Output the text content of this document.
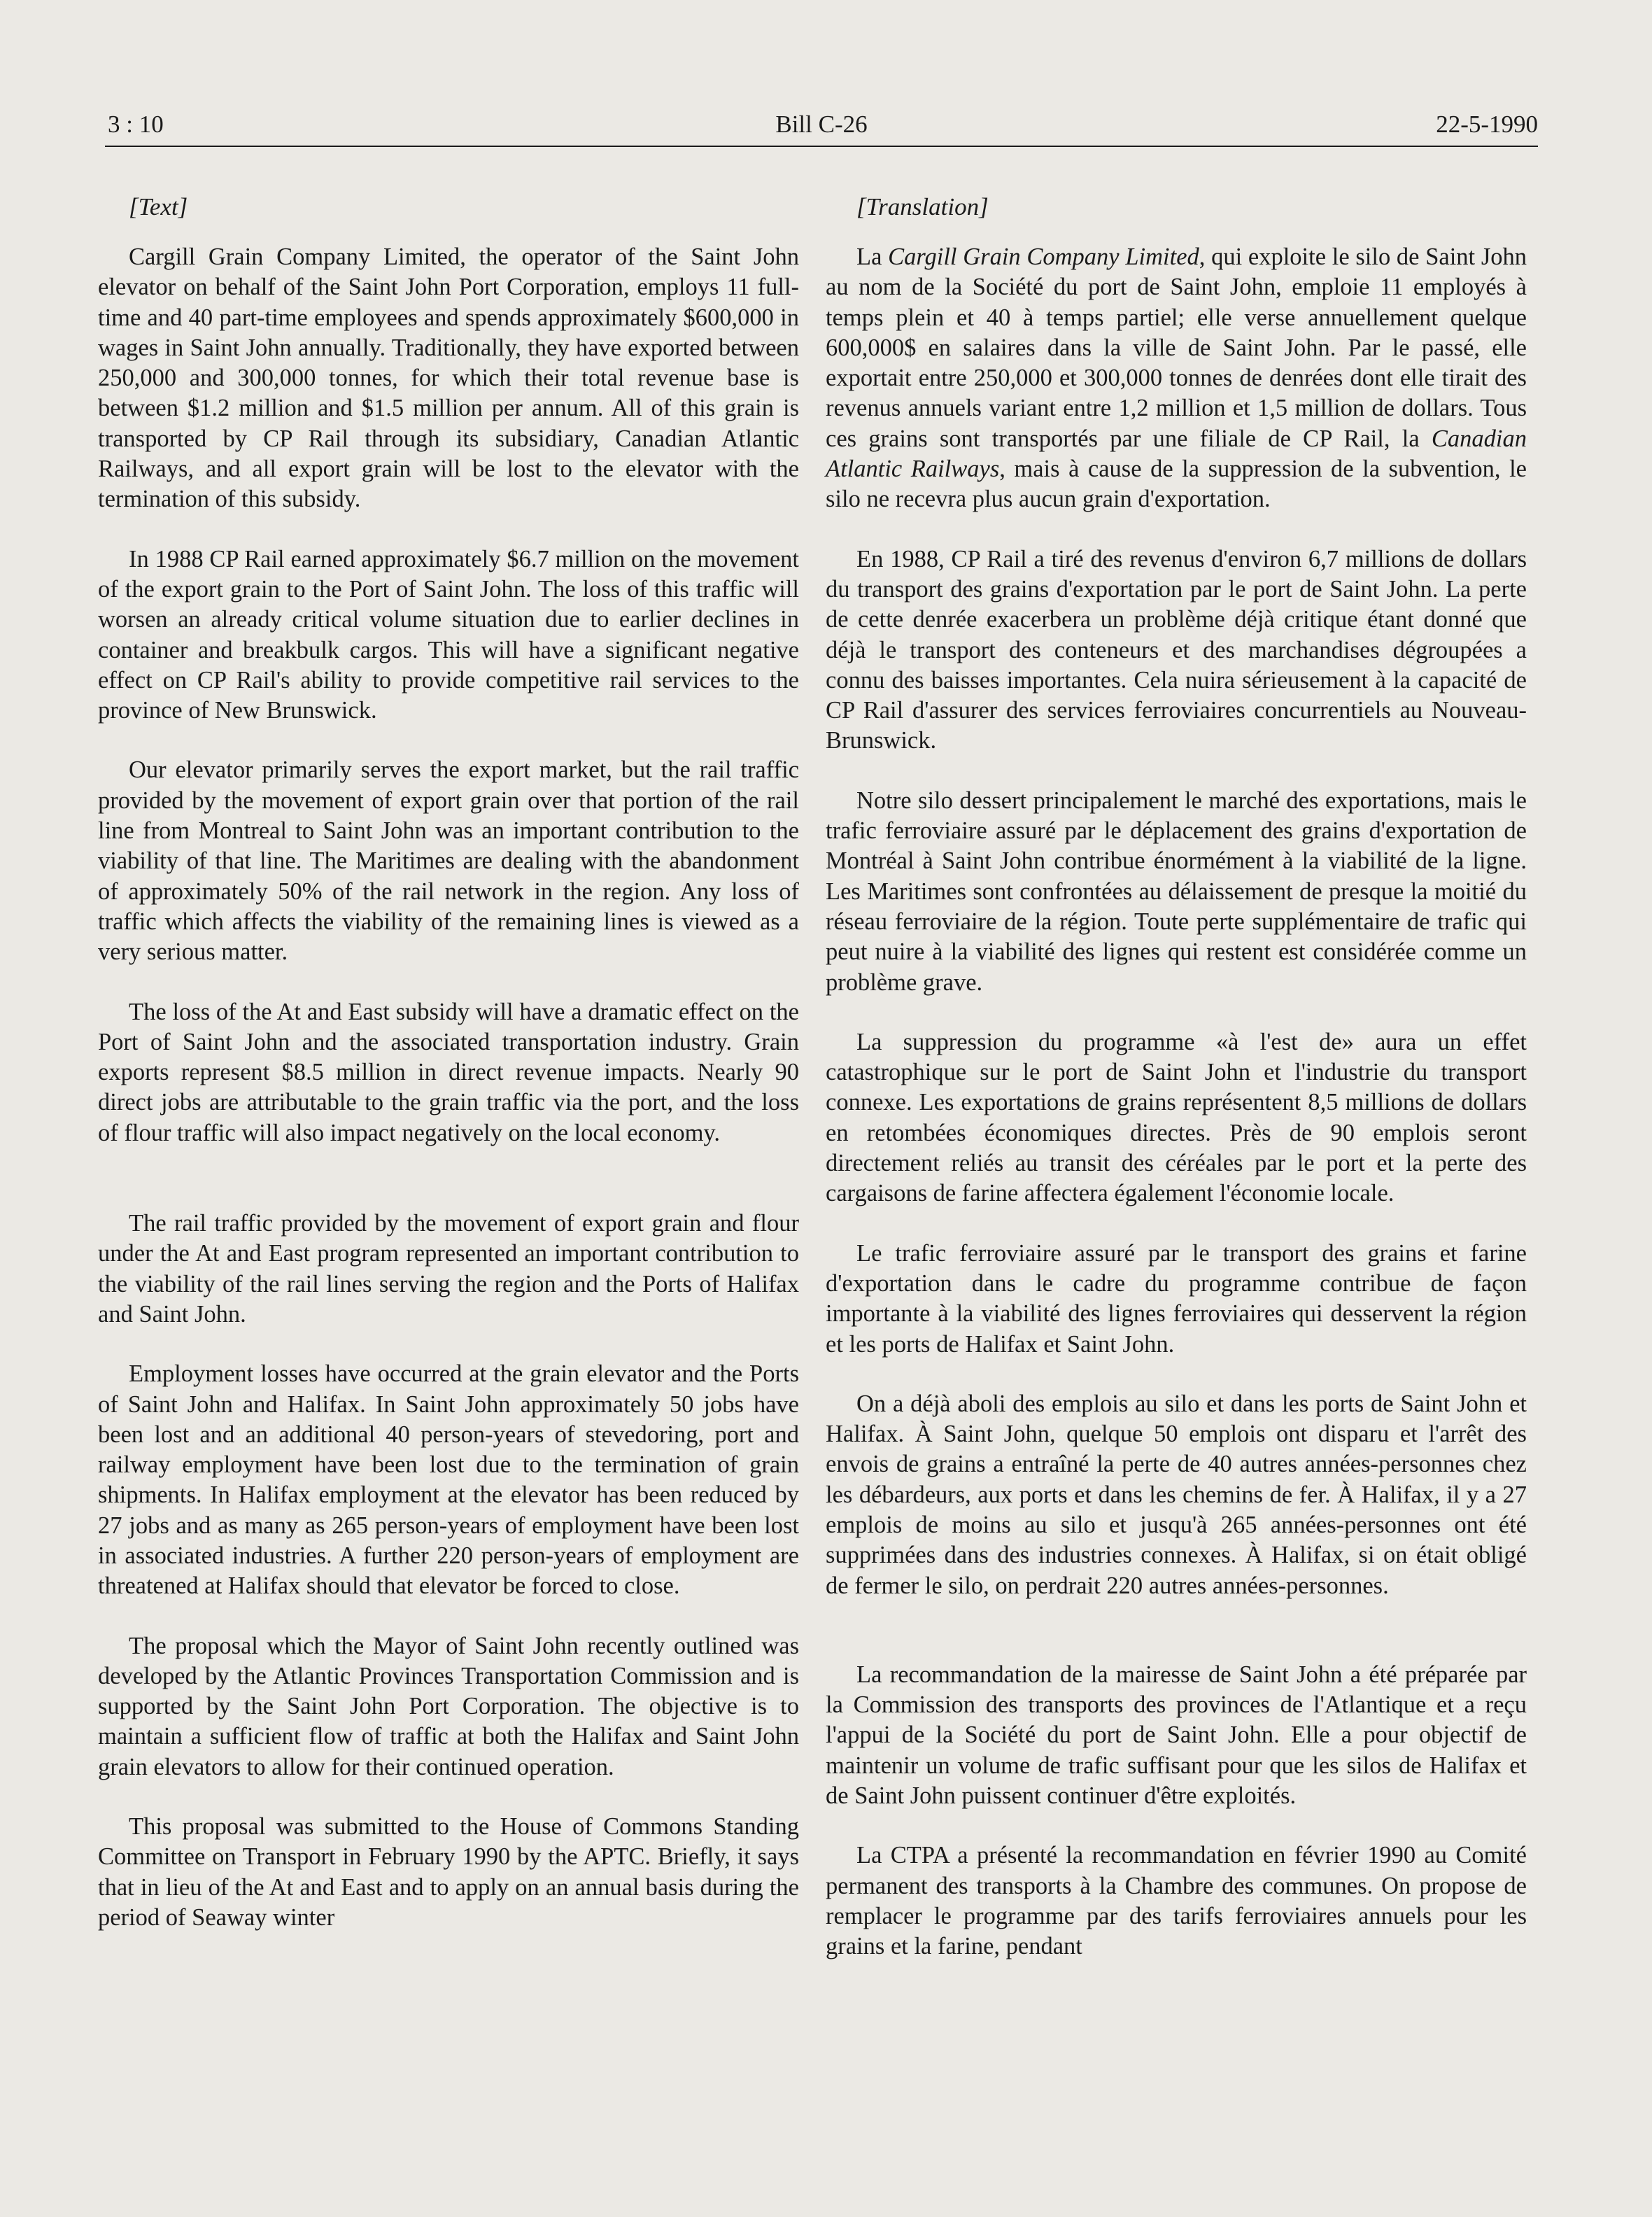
3 : 10	Bill C-26	22-5-1990
[Text]

Cargill Grain Company Limited, the operator of the Saint John elevator on behalf of the Saint John Port Corporation, employs 11 full-time and 40 part-time employees and spends approximately $600,000 in wages in Saint John annually. Traditionally, they have exported between 250,000 and 300,000 tonnes, for which their total revenue base is between $1.2 million and $1.5 million per annum. All of this grain is transported by CP Rail through its subsidiary, Canadian Atlantic Railways, and all export grain will be lost to the elevator with the termination of this subsidy.

In 1988 CP Rail earned approximately $6.7 million on the movement of the export grain to the Port of Saint John. The loss of this traffic will worsen an already critical volume situation due to earlier declines in container and breakbulk cargos. This will have a significant negative effect on CP Rail's ability to provide competitive rail services to the province of New Brunswick.

Our elevator primarily serves the export market, but the rail traffic provided by the movement of export grain over that portion of the rail line from Montreal to Saint John was an important contribution to the viability of that line. The Maritimes are dealing with the abandonment of approximately 50% of the rail network in the region. Any loss of traffic which affects the viability of the remaining lines is viewed as a very serious matter.

The loss of the At and East subsidy will have a dramatic effect on the Port of Saint John and the associated transportation industry. Grain exports represent $8.5 million in direct revenue impacts. Nearly 90 direct jobs are attributable to the grain traffic via the port, and the loss of flour traffic will also impact negatively on the local economy.

The rail traffic provided by the movement of export grain and flour under the At and East program represented an important contribution to the viability of the rail lines serving the region and the Ports of Halifax and Saint John.

Employment losses have occurred at the grain elevator and the Ports of Saint John and Halifax. In Saint John approximately 50 jobs have been lost and an additional 40 person-years of stevedoring, port and railway employment have been lost due to the termination of grain shipments. In Halifax employment at the elevator has been reduced by 27 jobs and as many as 265 person-years of employment have been lost in associated industries. A further 220 person-years of employment are threatened at Halifax should that elevator be forced to close.

The proposal which the Mayor of Saint John recently outlined was developed by the Atlantic Provinces Transportation Commission and is supported by the Saint John Port Corporation. The objective is to maintain a sufficient flow of traffic at both the Halifax and Saint John grain elevators to allow for their continued operation.

This proposal was submitted to the House of Commons Standing Committee on Transport in February 1990 by the APTC. Briefly, it says that in lieu of the At and East and to apply on an annual basis during the period of Seaway winter

[Translation]

La Cargill Grain Company Limited, qui exploite le silo de Saint John au nom de la Société du port de Saint John, emploie 11 employés à temps plein et 40 à temps partiel; elle verse annuellement quelque 600,000$ en salaires dans la ville de Saint John. Par le passé, elle exportait entre 250,000 et 300,000 tonnes de denrées dont elle tirait des revenus annuels variant entre 1,2 million et 1,5 million de dollars. Tous ces grains sont transportés par une filiale de CP Rail, la Canadian Atlantic Railways, mais à cause de la suppression de la subvention, le silo ne recevra plus aucun grain d'exportation.

En 1988, CP Rail a tiré des revenus d'environ 6,7 millions de dollars du transport des grains d'exportation par le port de Saint John. La perte de cette denrée exacerbera un problème déjà critique étant donné que déjà le transport des conteneurs et des marchandises dégroupées a connu des baisses importantes. Cela nuira sérieusement à la capacité de CP Rail d'assurer des services ferroviaires concurrentiels au Nouveau-Brunswick.

Notre silo dessert principalement le marché des exportations, mais le trafic ferroviaire assuré par le déplacement des grains d'exportation de Montréal à Saint John contribue énormément à la viabilité de la ligne. Les Maritimes sont confrontées au délaissement de presque la moitié du réseau ferroviaire de la région. Toute perte supplémentaire de trafic qui peut nuire à la viabilité des lignes qui restent est considérée comme un problème grave.

La suppression du programme «à l'est de» aura un effet catastrophique sur le port de Saint John et l'industrie du transport connexe. Les exportations de grains représentent 8,5 millions de dollars en retombées économiques directes. Près de 90 emplois seront directement reliés au transit des céréales par le port et la perte des cargaisons de farine affectera également l'économie locale.

Le trafic ferroviaire assuré par le transport des grains et farine d'exportation dans le cadre du programme contribue de façon importante à la viabilité des lignes ferroviaires qui desservent la région et les ports de Halifax et Saint John.

On a déjà aboli des emplois au silo et dans les ports de Saint John et Halifax. À Saint John, quelque 50 emplois ont disparu et l'arrêt des envois de grains a entraîné la perte de 40 autres années-personnes chez les débardeurs, aux ports et dans les chemins de fer. À Halifax, il y a 27 emplois de moins au silo et jusqu'à 265 années-personnes ont été supprimées dans des industries connexes. À Halifax, si on était obligé de fermer le silo, on perdrait 220 autres années-personnes.

La recommandation de la mairesse de Saint John a été préparée par la Commission des transports des provinces de l'Atlantique et a reçu l'appui de la Société du port de Saint John. Elle a pour objectif de maintenir un volume de trafic suffisant pour que les silos de Halifax et de Saint John puissent continuer d'être exploités.

La CTPA a présenté la recommandation en février 1990 au Comité permanent des transports à la Chambre des communes. On propose de remplacer le programme par des tarifs ferroviaires annuels pour les grains et la farine, pendant
